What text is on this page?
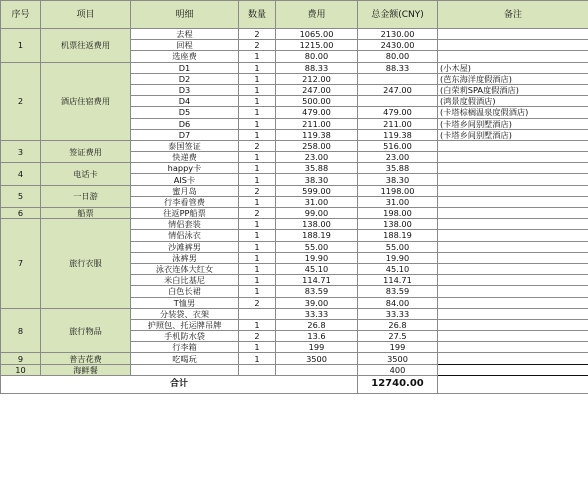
序号	项目	明细	数量	费用	总金额(CNY)	备注
1	机票往返费用	去程	2	1065.00	2130.00	
		回程	2	1215.00	2430.00	
		选座费	1	80.00	80.00	
2	酒店住宿费用	D1	1	88.33	88.33	(小木屋)
		D2	1	212.00		(芭东海洋度假酒店)
		D3	1	247.00	247.00	(白荣莉SPA度假酒店)
		D4	1	500.00		(鸿景度假酒店)
		D5	1	479.00	479.00	(卡塔棕榈温泉度假酒店)
		D6	1	211.00	211.00	(卡塔乡间别墅酒店)
		D7	1	119.38	119.38	(卡塔乡间别墅酒店)
3	签证费用	泰国签证	2	258.00	516.00	
		快递费	1	23.00	23.00	
4	电话卡	happy卡	1	35.88	35.88	
		AIS卡	1	38.30	38.30	
5	一日游	蜜月岛	2	599.00	1198.00	
		行李看管费	1	31.00	31.00	
6	船票	往返PP船票	2	99.00	198.00	
7	旅行衣服	情侣套装	1	138.00	138.00	
		情侣泳衣	1	188.19	188.19	
		沙滩裤男	1	55.00	55.00	
		泳裤男	1	19.90	19.90	
		泳衣连体大红女	1	45.10	45.10	
		米白比基尼	1	114.71	114.71	
		白色长裙	1	83.59	83.59	
		T恤男	2	39.00	84.00	
8	旅行物品	分装袋、衣架		33.33	33.33	
		护照包、托运牌吊牌	1	26.8	26.8	
		手机防水袋	2	13.6	27.5	
		行李箱	1	199	199	
9	普吉花费	吃喝玩	1	3500	3500	
10	海鲜餐				400	
合计					12740.00	
